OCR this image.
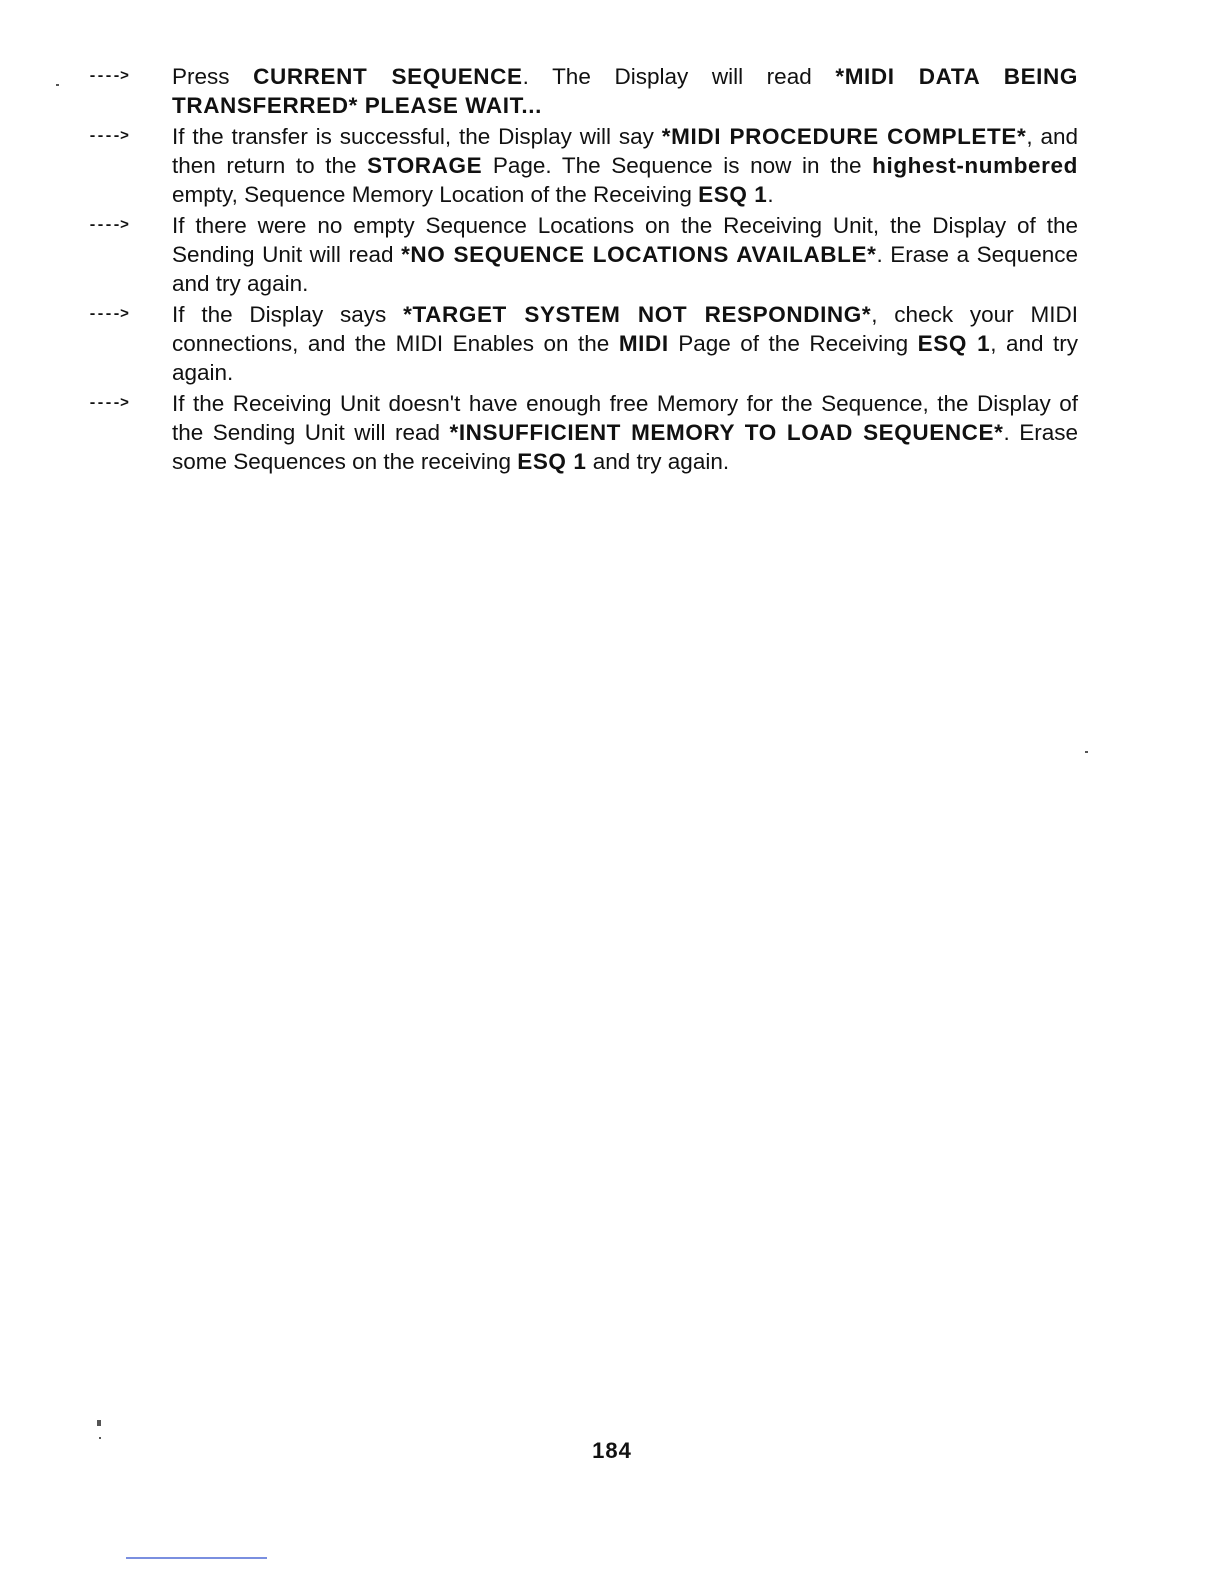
----> Press CURRENT SEQUENCE. The Display will read *MIDI DATA BEING TRANSFERRED* PLEASE WAIT...
----> If the transfer is successful, the Display will say *MIDI PROCEDURE COMPLETE*, and then return to the STORAGE Page. The Sequence is now in the highest-numbered empty, Sequence Memory Location of the Receiving ESQ 1.
----> If there were no empty Sequence Locations on the Receiving Unit, the Display of the Sending Unit will read *NO SEQUENCE LOCATIONS AVAILABLE*. Erase a Sequence and try again.
----> If the Display says *TARGET SYSTEM NOT RESPONDING*, check your MIDI connections, and the MIDI Enables on the MIDI Page of the Receiving ESQ 1, and try again.
----> If the Receiving Unit doesn't have enough free Memory for the Sequence, the Display of the Sending Unit will read *INSUFFICIENT MEMORY TO LOAD SEQUENCE*. Erase some Sequences on the receiving ESQ 1 and try again.
184
